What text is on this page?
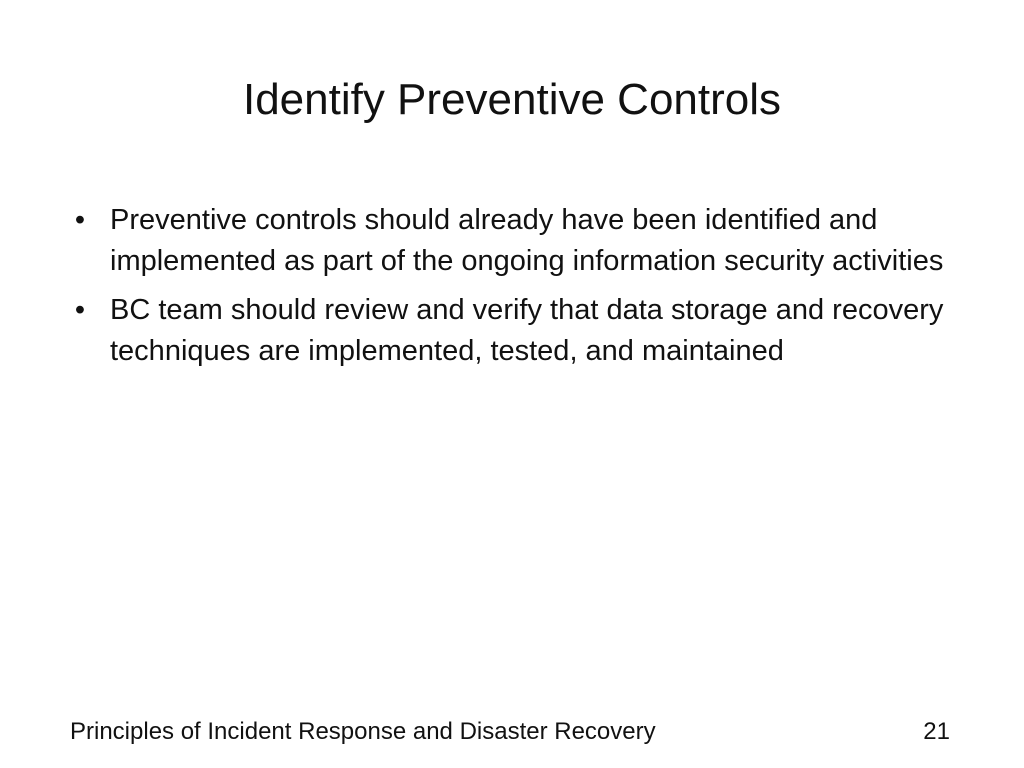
Identify Preventive Controls
• Preventive controls should already have been identified and implemented as part of the ongoing information security activities
• BC team should review and verify that data storage and recovery techniques are implemented, tested, and maintained
Principles of Incident Response and Disaster Recovery	21
